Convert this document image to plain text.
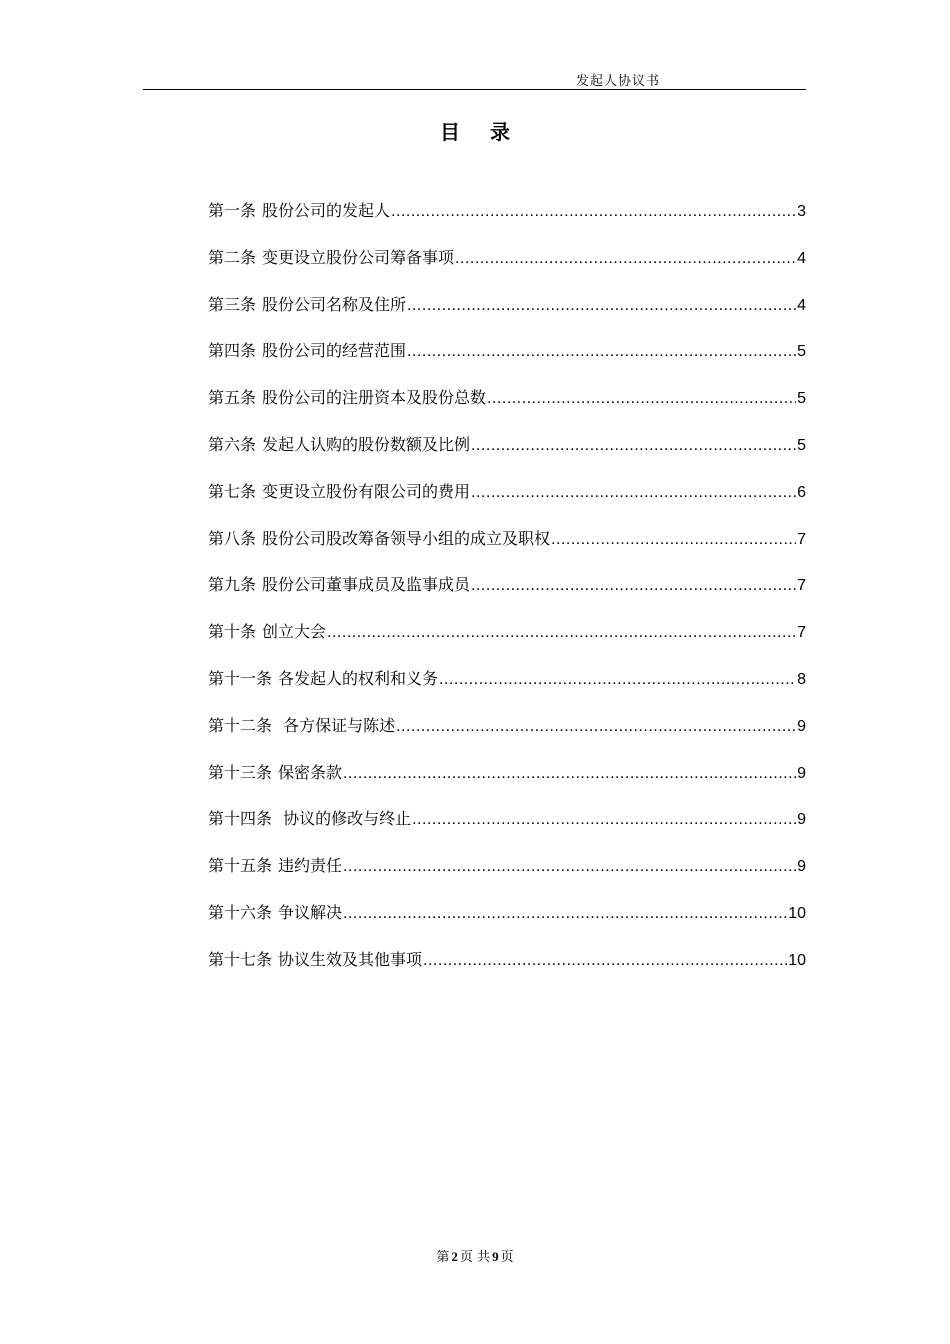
发起人协议书
目 录
第一条 股份公司的发起人 .....	3
第二条 变更设立股份公司筹备事项 .....	4
第三条 股份公司名称及住所 .....	4
第四条 股份公司的经营范围 .....	5
第五条 股份公司的注册资本及股份总数 .....	5
第六条 发起人认购的股份数额及比例 .....	5
第七条 变更设立股份有限公司的费用 .....	6
第八条 股份公司股改筹备领导小组的成立及职权 .....	7
第九条 股份公司董事成员及监事成员 .....	7
第十条 创立大会 .....	7
第十一条 各发起人的权利和义务 .....	8
第十二条 各方保证与陈述 .....	9
第十三条 保密条款 .....	9
第十四条 协议的修改与终止 .....	9
第十五条 违约责任 .....	9
第十六条 争议解决 .....	10
第十七条 协议生效及其他事项 .....	10
第 2 页 共 9 页
